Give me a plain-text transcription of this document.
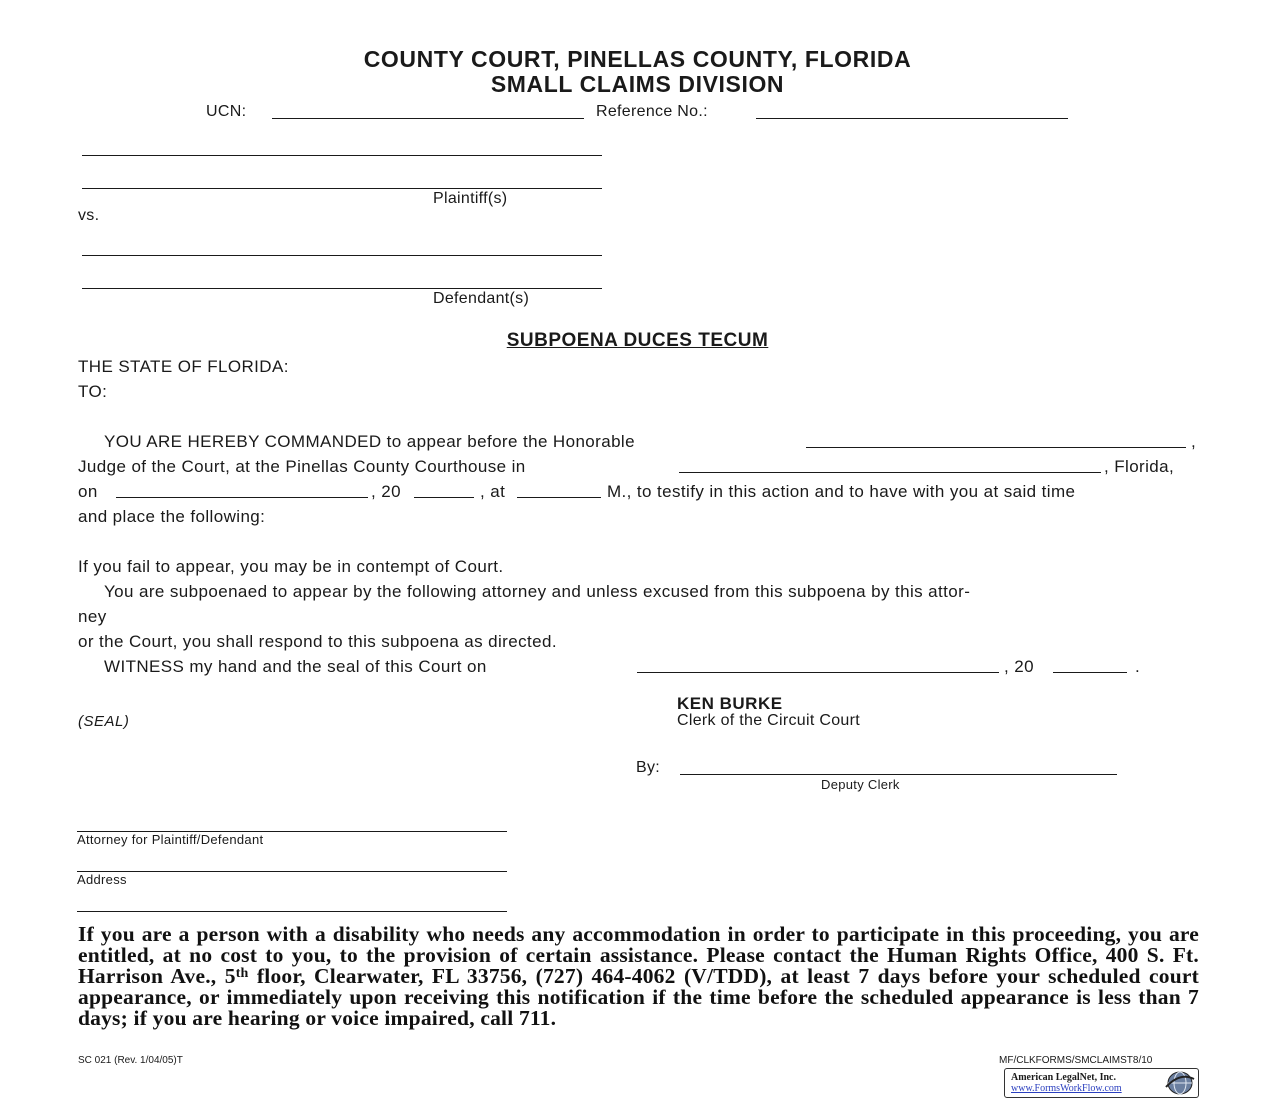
COUNTY COURT, PINELLAS COUNTY, FLORIDA
SMALL CLAIMS DIVISION
UCN:	Reference No.:
Plaintiff(s)
vs.
Defendant(s)
SUBPOENA DUCES TECUM
THE STATE OF FLORIDA:
TO:
YOU ARE HEREBY COMMANDED to appear before the Honorable	,
Judge of the Court, at the Pinellas County Courthouse in	, Florida,
on	, 20	, at	M., to testify in this action and to have with you at said time
and place the following:
If you fail to appear, you may be in contempt of Court.
You are subpoenaed to appear by the following attorney and unless excused from this subpoena by this attor-
ney
or the Court, you shall respond to this subpoena as directed.
WITNESS my hand and the seal of this Court on	, 20	.
KEN BURKE
Clerk of the Circuit Court
(SEAL)
By:
Deputy Clerk
Attorney for Plaintiff/Defendant
Address
If you are a person with a disability who needs any accommodation in order to participate in this proceeding, you are entitled, at no cost to you, to the provision of certain assistance. Please contact the Human Rights Office, 400 S. Ft. Harrison Ave., 5th floor, Clearwater, FL 33756, (727) 464-4062 (V/TDD), at least 7 days before your scheduled court appearance, or immediately upon receiving this notification if the time before the scheduled appearance is less than 7 days; if you are hearing or voice impaired, call 711.
SC 021 (Rev. 1/04/05)T	MF/CLKFORMS/SMCLAIMST8/10
American LegalNet, Inc.
www.FormsWorkFlow.com
